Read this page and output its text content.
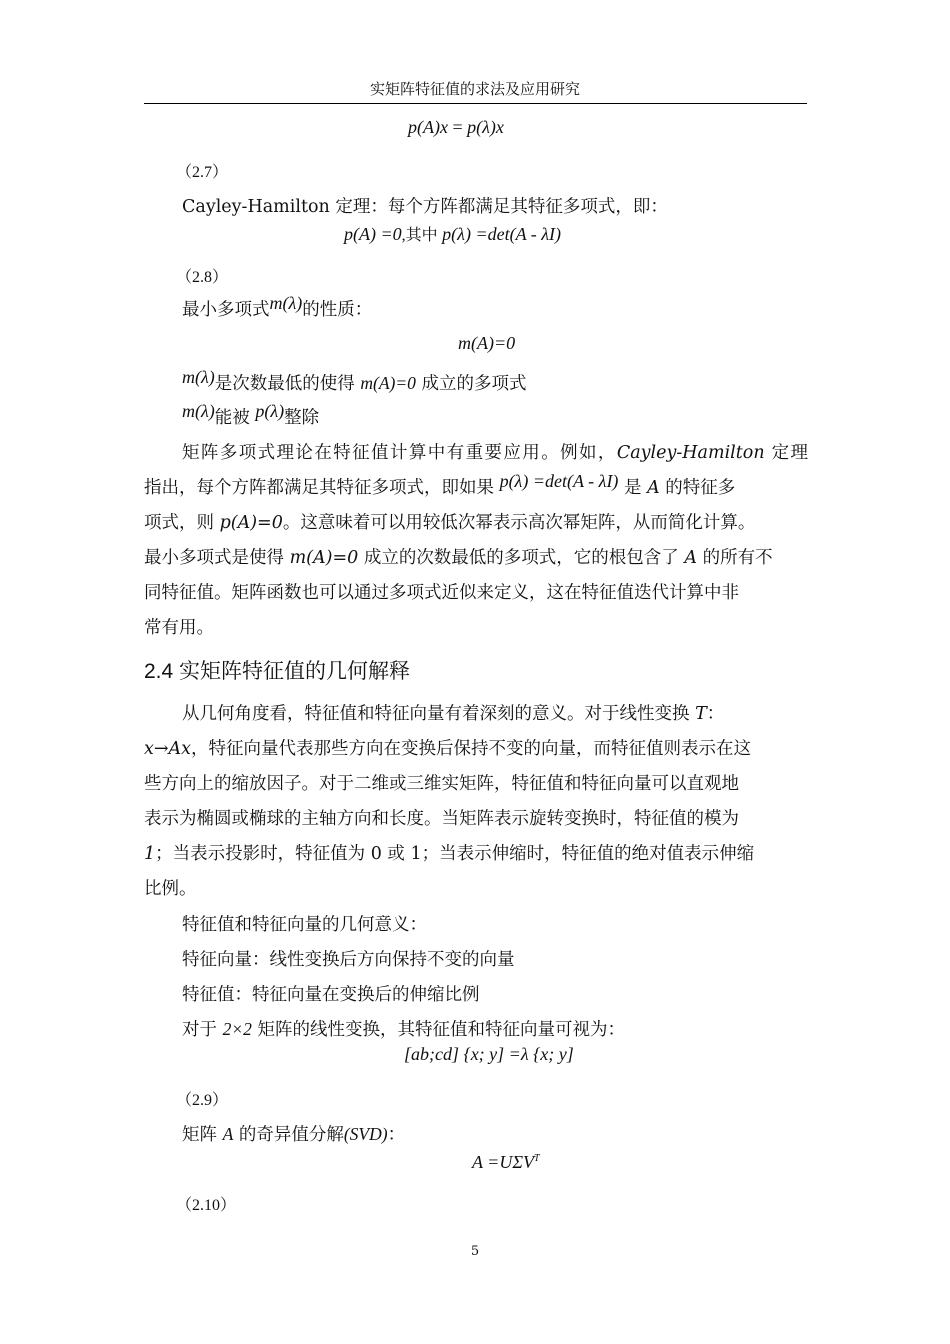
实矩阵特征值的求法及应用研究
p(A)x = p(λ)x
（2.7）
Cayley-Hamilton 定理：每个方阵都满足其特征多项式，即：
p(A) =0,其中 p(λ) =det(A - λI)
（2.8）
最小多项式m(λ)的性质：
m(A)=0
m(λ)是次数最低的使得 m(A)=0 成立的多项式
m(λ)能被 p(λ)整除
矩阵多项式理论在特征值计算中有重要应用。例如，Cayley-Hamilton 定理
指出，每个方阵都满足其特征多项式，即如果 p(λ) =det(A - λI) 是 A 的特征多
项式，则 p(A)=0。这意味着可以用较低次幂表示高次幂矩阵，从而简化计算。
最小多项式是使得 m(A)=0 成立的次数最低的多项式，它的根包含了 A 的所有不
同特征值。矩阵函数也可以通过多项式近似来定义，这在特征值迭代计算中非
常有用。
2.4 实矩阵特征值的几何解释
从几何角度看，特征值和特征向量有着深刻的意义。对于线性变换 T：
x→Ax，特征向量代表那些方向在变换后保持不变的向量，而特征值则表示在这
些方向上的缩放因子。对于二维或三维实矩阵，特征值和特征向量可以直观地
表示为椭圆或椭球的主轴方向和长度。当矩阵表示旋转变换时，特征值的模为
1；当表示投影时，特征值为 0 或 1；当表示伸缩时，特征值的绝对值表示伸缩
比例。
特征值和特征向量的几何意义：
特征向量：线性变换后方向保持不变的向量
特征值：特征向量在变换后的伸缩比例
对于 2×2 矩阵的线性变换，其特征值和特征向量可视为：
[ab;cd] {x; y] =λ {x; y]
（2.9）
矩阵 A 的奇异值分解(SVD)：
$A =U\Sigma V^T$
（2.10）
5
